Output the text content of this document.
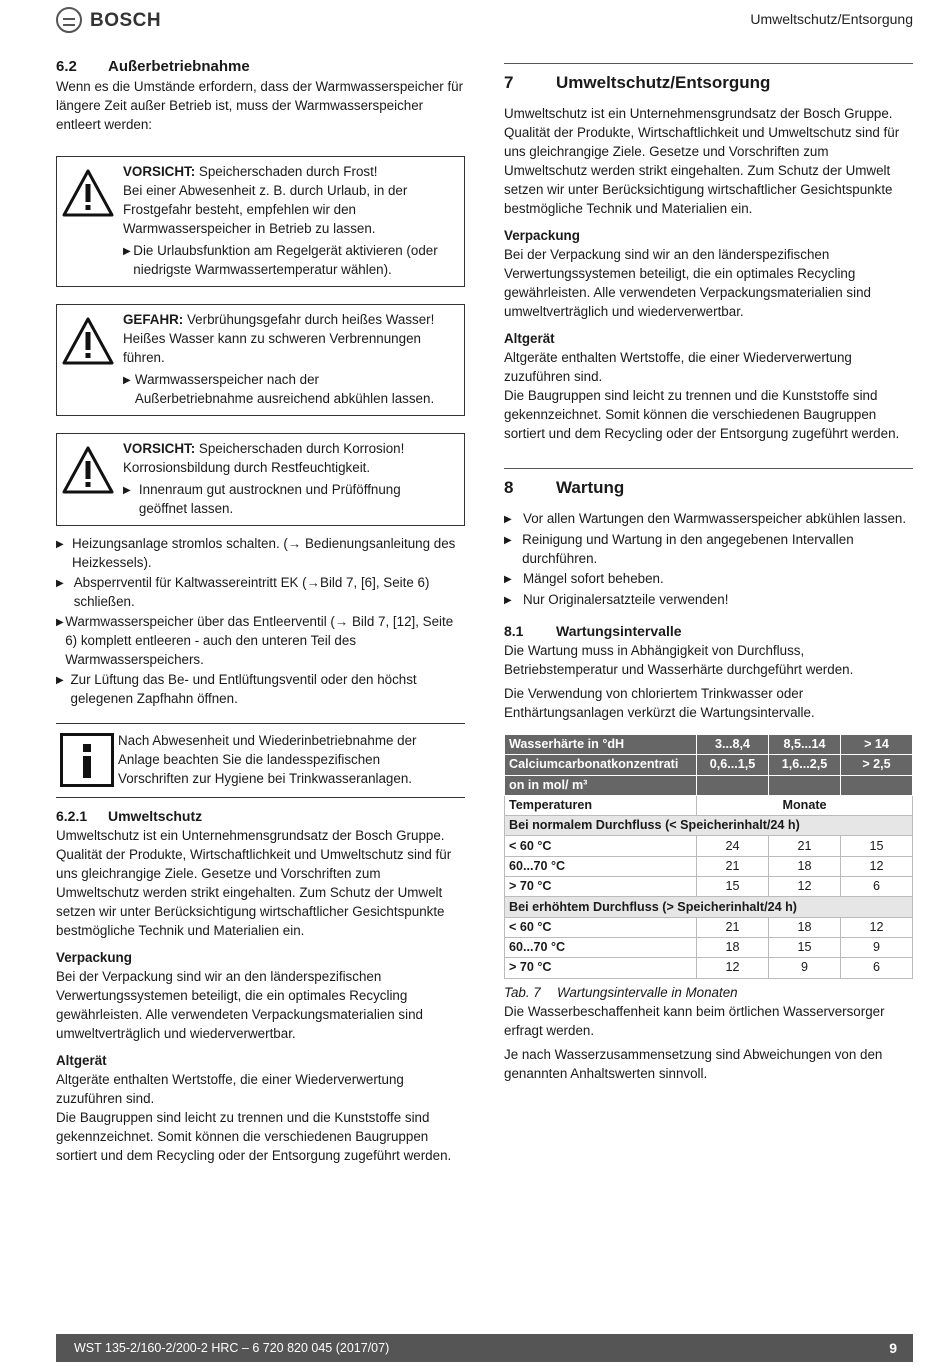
BOSCH	Umweltschutz/Entsorgung
6.2	Außerbetriebnahme

Wenn es die Umstände erfordern, dass der Warmwasserspeicher für längere Zeit außer Betrieb ist, muss der Warmwasserspeicher entleert werden:

VORSICHT: Speicherschaden durch Frost!
Bei einer Abwesenheit z. B. durch Urlaub, in der Frostgefahr besteht, empfehlen wir den Warmwasserspeicher in Betrieb zu lassen.
▶ Die Urlaubsfunktion am Regelgerät aktivieren (oder niedrigste Warmwassertemperatur wählen).
GEFAHR: Verbrühungsgefahr durch heißes Wasser!
Heißes Wasser kann zu schweren Verbrennungen führen.
▶ Warmwasserspeicher nach der Außerbetriebnahme ausreichend abkühlen lassen.
VORSICHT: Speicherschaden durch Korrosion!
Korrosionsbildung durch Restfeuchtigkeit.
▶ Innenraum gut austrocknen und Prüföffnung geöffnet lassen.
▶ Heizungsanlage stromlos schalten. (→ Bedienungsanleitung des Heizkessels).
▶ Absperrventil für Kaltwassereintritt EK (→Bild 7, [6], Seite 6) schließen.
▶ Warmwasserspeicher über das Entleerventil (→ Bild 7, [12], Seite 6) komplett entleeren - auch den unteren Teil des Warmwasserspeichers.
▶ Zur Lüftung das Be- und Entlüftungsventil oder den höchst gelegenen Zapfhahn öffnen.
Nach Abwesenheit und Wiederinbetriebnahme der Anlage beachten Sie die landesspezifischen Vorschriften zur Hygiene bei Trinkwasseranlagen.
6.2.1	Umweltschutz

Umweltschutz ist ein Unternehmensgrundsatz der Bosch Gruppe. Qualität der Produkte, Wirtschaftlichkeit und Umweltschutz sind für uns gleichrangige Ziele. Gesetze und Vorschriften zum Umweltschutz werden strikt eingehalten. Zum Schutz der Umwelt setzen wir unter Berücksichtigung wirtschaftlicher Gesichtspunkte bestmögliche Technik und Materialien ein.

Verpackung

Bei der Verpackung sind wir an den länderspezifischen Verwertungssystemen beteiligt, die ein optimales Recycling gewährleisten. Alle verwendeten Verpackungsmaterialien sind umweltverträglich und wiederverwertbar.

Altgerät

Altgeräte enthalten Wertstoffe, die einer Wiederverwertung zuzuführen sind.

Die Baugruppen sind leicht zu trennen und die Kunststoffe sind gekennzeichnet. Somit können die verschiedenen Baugruppen sortiert und dem Recycling oder der Entsorgung zugeführt werden.

7	Umweltschutz/Entsorgung

Umweltschutz ist ein Unternehmensgrundsatz der Bosch Gruppe. Qualität der Produkte, Wirtschaftlichkeit und Umweltschutz sind für uns gleichrangige Ziele. Gesetze und Vorschriften zum Umweltschutz werden strikt eingehalten. Zum Schutz der Umwelt setzen wir unter Berücksichtigung wirtschaftlicher Gesichtspunkte bestmögliche Technik und Materialien ein.

Verpackung

Bei der Verpackung sind wir an den länderspezifischen Verwertungssystemen beteiligt, die ein optimales Recycling gewährleisten. Alle verwendeten Verpackungsmaterialien sind umweltverträglich und wiederverwertbar.

Altgerät

Altgeräte enthalten Wertstoffe, die einer Wiederverwertung zuzuführen sind.

Die Baugruppen sind leicht zu trennen und die Kunststoffe sind gekennzeichnet. Somit können die verschiedenen Baugruppen sortiert und dem Recycling oder der Entsorgung zugeführt werden.

8	Wartung
▶ Vor allen Wartungen den Warmwasserspeicher abkühlen lassen.
▶ Reinigung und Wartung in den angegebenen Intervallen durchführen.
▶ Mängel sofort beheben.
▶ Nur Originalersatzteile verwenden!
8.1	Wartungsintervalle

Die Wartung muss in Abhängigkeit von Durchfluss, Betriebstemperatur und Wasserhärte durchgeführt werden.

Die Verwendung von chloriertem Trinkwasser oder Enthärtungsanlagen verkürzt die Wartungsintervalle.

Wasserhärte in °dH	3...8,4	8,5...14	> 14
Calciumcarbonatkonzentrati	0,6...1,5	1,6...2,5	> 2,5
on in mol/ m³			
Temperaturen	Monate		
Bei normalem Durchfluss (< Speicherinhalt/24 h)			
< 60 °C	24	21	15
60...70 °C	21	18	12
> 70 °C	15	12	6
Bei erhöhtem Durchfluss (> Speicherinhalt/24 h)			
< 60 °C	21	18	12
60...70 °C	18	15	9
> 70 °C	12	9	6
Tab. 7	Wartungsintervalle in Monaten

Die Wasserbeschaffenheit kann beim örtlichen Wasserversorger erfragt werden.

Je nach Wasserzusammensetzung sind Abweichungen von den genannten Anhaltswerten sinnvoll.

WST 135-2/160-2/200-2 HRC – 6 720 820 045 (2017/07)	9
